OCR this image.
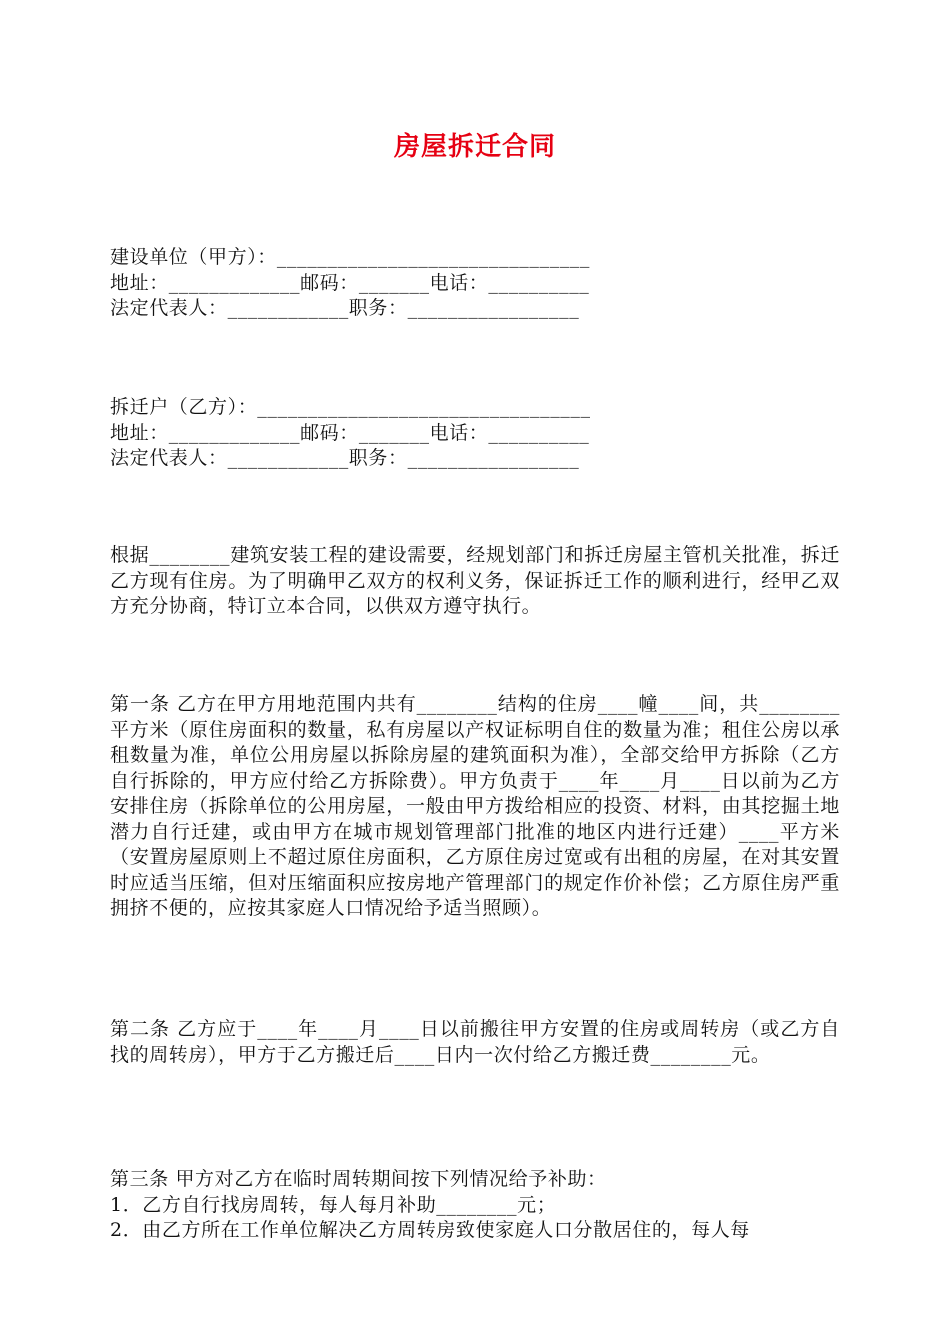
房屋拆迁合同

建设单位（甲方）：_______________________________

地址：_____________邮码：_______电话：__________

法定代表人：____________职务：_________________

拆迁户（乙方）：_________________________________

地址：_____________邮码：_______电话：__________

法定代表人：____________职务：_________________

根据________建筑安装工程的建设需要，经规划部门和拆迁房屋主管机关批准，拆迁乙方现有住房。为了明确甲乙双方的权利义务，保证拆迁工作的顺利进行，经甲乙双方充分协商，特订立本合同，以供双方遵守执行。

第一条 乙方在甲方用地范围内共有________结构的住房____幢____间，共________平方米（原住房面积的数量，私有房屋以产权证标明自住的数量为准；租住公房以承租数量为准，单位公用房屋以拆除房屋的建筑面积为准），全部交给甲方拆除（乙方自行拆除的，甲方应付给乙方拆除费）。甲方负责于____年____月____日以前为乙方安排住房（拆除单位的公用房屋，一般由甲方拨给相应的投资、材料，由其挖掘土地潜力自行迁建，或由甲方在城市规划管理部门批准的地区内进行迁建）____平方米（安置房屋原则上不超过原住房面积，乙方原住房过宽或有出租的房屋，在对其安置时应适当压缩，但对压缩面积应按房地产管理部门的规定作价补偿；乙方原住房严重拥挤不便的，应按其家庭人口情况给予适当照顾）。

第二条 乙方应于____年____月____日以前搬往甲方安置的住房或周转房（或乙方自找的周转房），甲方于乙方搬迁后____日内一次付给乙方搬迁费________元。

第三条 甲方对乙方在临时周转期间按下列情况给予补助：

1．乙方自行找房周转，每人每月补助________元；

2．由乙方所在工作单位解决乙方周转房致使家庭人口分散居住的，每人每
